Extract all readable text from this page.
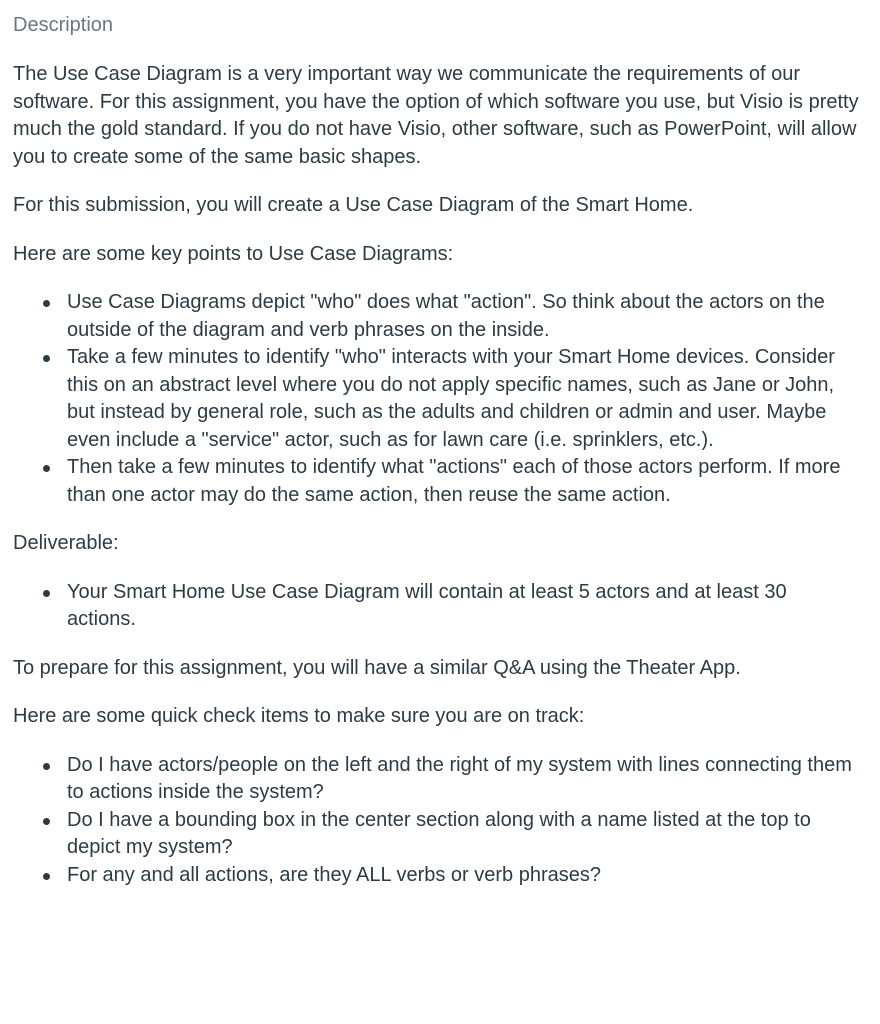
Description

The Use Case Diagram is a very important way we communicate the requirements of our software. For this assignment, you have the option of which software you use, but Visio is pretty much the gold standard. If you do not have Visio, other software, such as PowerPoint, will allow you to create some of the same basic shapes.

For this submission, you will create a Use Case Diagram of the Smart Home.

Here are some key points to Use Case Diagrams:

Use Case Diagrams depict "who" does what "action". So think about the actors on the outside of the diagram and verb phrases on the inside.
Take a few minutes to identify "who" interacts with your Smart Home devices. Consider this on an abstract level where you do not apply specific names, such as Jane or John, but instead by general role, such as the adults and children or admin and user. Maybe even include a "service" actor, such as for lawn care (i.e. sprinklers, etc.).
Then take a few minutes to identify what "actions" each of those actors perform. If more than one actor may do the same action, then reuse the same action.

Deliverable:

Your Smart Home Use Case Diagram will contain at least 5 actors and at least 30 actions.

To prepare for this assignment, you will have a similar Q&A using the Theater App.

Here are some quick check items to make sure you are on track:

Do I have actors/people on the left and the right of my system with lines connecting them to actions inside the system?
Do I have a bounding box in the center section along with a name listed at the top to depict my system?
For any and all actions, are they ALL verbs or verb phrases?
